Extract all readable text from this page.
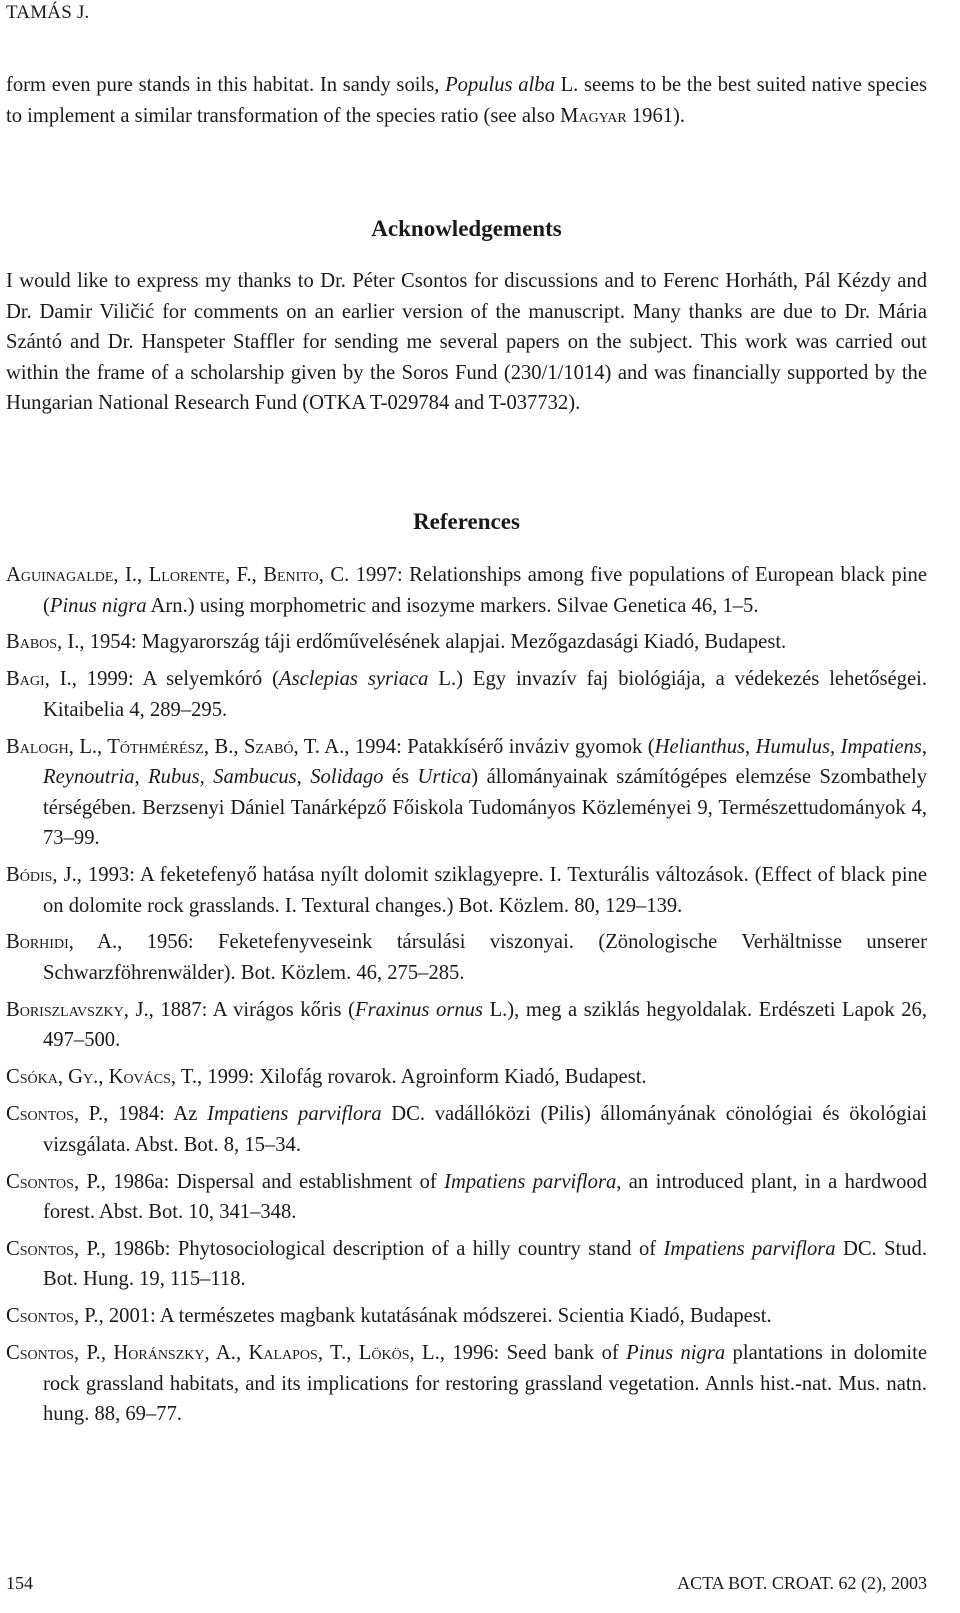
TAMÁS J.

form even pure stands in this habitat. In sandy soils, Populus alba L. seems to be the best suited native species to implement a similar transformation of the species ratio (see also Magyar 1961).

Acknowledgements

I would like to express my thanks to Dr. Péter Csontos for discussions and to Ferenc Horháth, Pál Kézdy and Dr. Damir Viličić for comments on an earlier version of the manuscript. Many thanks are due to Dr. Mária Szántó and Dr. Hanspeter Staffler for sending me several papers on the subject. This work was carried out within the frame of a scholarship given by the Soros Fund (230/1/1014) and was financially supported by the Hungarian National Research Fund (OTKA T-029784 and T-037732).

References
Aguinagalde, I., Llorente, F., Benito, C. 1997: Relationships among five populations of European black pine (Pinus nigra Arn.) using morphometric and isozyme markers. Silvae Genetica 46, 1–5.
Babos, I., 1954: Magyarország táji erdőművelésének alapjai. Mezőgazdasági Kiadó, Budapest.
Bagi, I., 1999: A selyemkóró (Asclepias syriaca L.) Egy invazív faj biológiája, a védekezés lehetőségei. Kitaibelia 4, 289–295.
Balogh, L., Tóthmérész, B., Szabó, T. A., 1994: Patakkísérő inváziv gyomok (Helianthus, Humulus, Impatiens, Reynoutria, Rubus, Sambucus, Solidago és Urtica) állományainak számítógépes elemzése Szombathely térségében. Berzsenyi Dániel Tanárképző Főiskola Tudományos Közleményei 9, Természettudományok 4, 73–99.
Bódis, J., 1993: A feketefenyő hatása nyílt dolomit sziklagyepre. I. Texturális változások. (Effect of black pine on dolomite rock grasslands. I. Textural changes.) Bot. Közlem. 80, 129–139.
Borhidi, A., 1956: Feketefenyveseink társulási viszonyai. (Zönologische Verhältnisse unserer Schwarzföhrenwälder). Bot. Közlem. 46, 275–285.
Boriszlavszky, J., 1887: A virágos kőris (Fraxinus ornus L.), meg a sziklás hegyoldalak. Erdészeti Lapok 26, 497–500.
Csóka, Gy., Kovács, T., 1999: Xilofág rovarok. Agroinform Kiadó, Budapest.
Csontos, P., 1984: Az Impatiens parviflora DC. vadállóközi (Pilis) állományának cönológiai és ökológiai vizsgálata. Abst. Bot. 8, 15–34.
Csontos, P., 1986a: Dispersal and establishment of Impatiens parviflora, an introduced plant, in a hardwood forest. Abst. Bot. 10, 341–348.
Csontos, P., 1986b: Phytosociological description of a hilly country stand of Impatiens parviflora DC. Stud. Bot. Hung. 19, 115–118.
Csontos, P., 2001: A természetes magbank kutatásának módszerei. Scientia Kiadó, Budapest.
Csontos, P., Horánszky, A., Kalapos, T., Lökös, L., 1996: Seed bank of Pinus nigra plantations in dolomite rock grassland habitats, and its implications for restoring grassland vegetation. Annls hist.-nat. Mus. natn. hung. 88, 69–77.
154	ACTA BOT. CROAT. 62 (2), 2003
